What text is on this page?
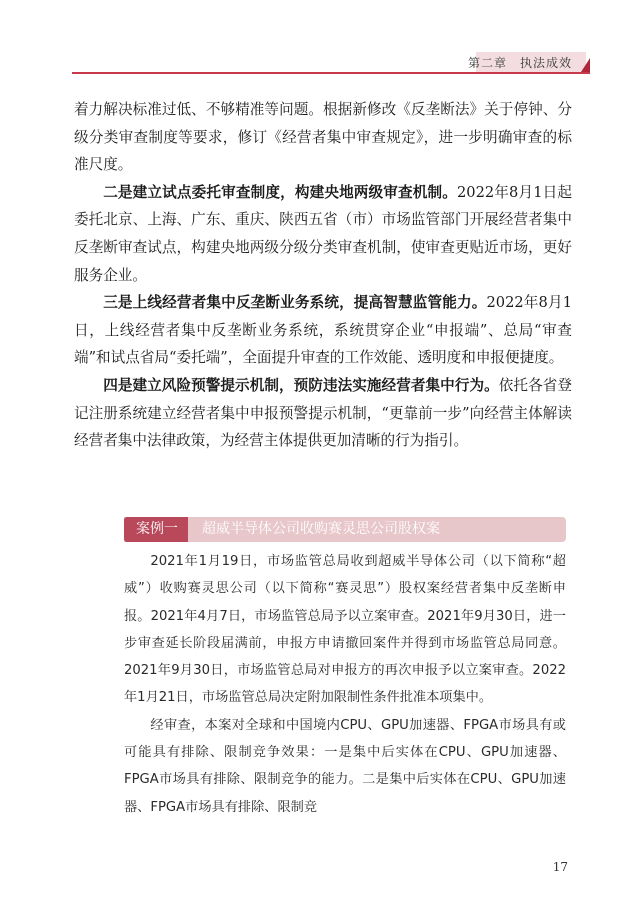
第二章　执法成效

着力解决标准过低、不够精准等问题。根据新修改《反垄断法》关于停钟、分级分类审查制度等要求，修订《经营者集中审查规定》，进一步明确审查的标准尺度。

二是建立试点委托审查制度，构建央地两级审查机制。2022年8月1日起委托北京、上海、广东、重庆、陕西五省（市）市场监管部门开展经营者集中反垄断审查试点，构建央地两级分级分类审查机制，使审查更贴近市场，更好服务企业。

三是上线经营者集中反垄断业务系统，提高智慧监管能力。2022年8月1日，上线经营者集中反垄断业务系统，系统贯穿企业“申报端”、总局“审查端”和试点省局“委托端”，全面提升审查的工作效能、透明度和申报便捷度。

四是建立风险预警提示机制，预防违法实施经营者集中行为。依托各省登记注册系统建立经营者集中申报预警提示机制，“更靠前一步”向经营主体解读经营者集中法律政策，为经营主体提供更加清晰的行为指引。

案例一	超威半导体公司收购赛灵思公司股权案

2021年1月19日，市场监管总局收到超威半导体公司（以下简称“超威”）收购赛灵思公司（以下简称“赛灵思”）股权案经营者集中反垄断申报。2021年4月7日，市场监管总局予以立案审查。2021年9月30日，进一步审查延长阶段届满前，申报方申请撤回案件并得到市场监管总局同意。2021年9月30日，市场监管总局对申报方的再次申报予以立案审查。2022年1月21日，市场监管总局决定附加限制性条件批准本项集中。

经审查，本案对全球和中国境内CPU、GPU加速器、FPGA市场具有或可能具有排除、限制竞争效果：一是集中后实体在CPU、GPU加速器、FPGA市场具有排除、限制竞争的能力。二是集中后实体在CPU、GPU加速器、FPGA市场具有排除、限制竞

17
